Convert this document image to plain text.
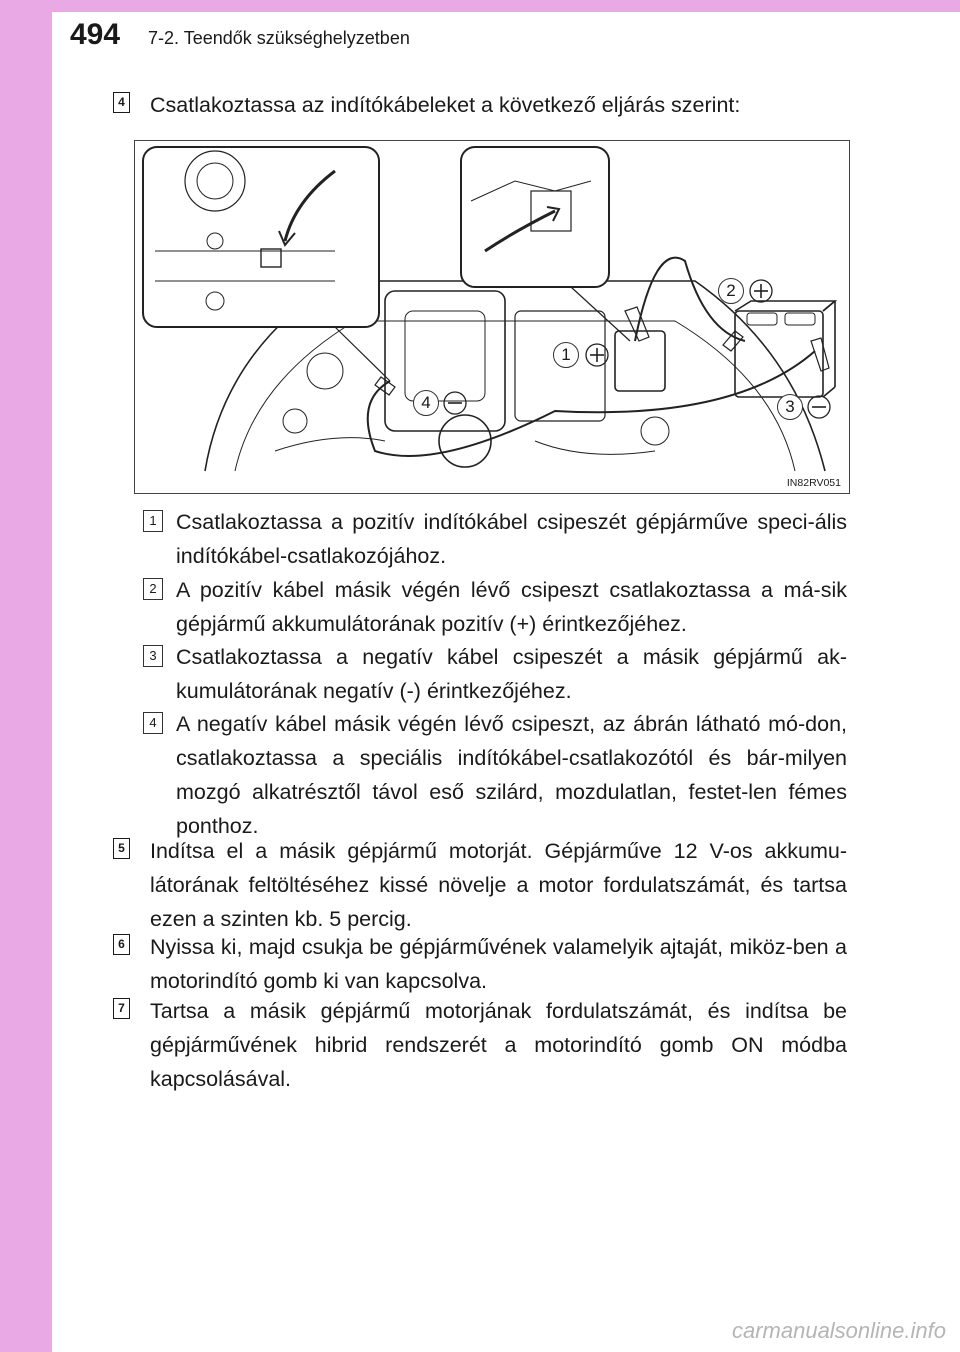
494 7-2. Teendők szükséghelyzetben
4 Csatlakoztassa az indítókábeleket a következő eljárás szerint:
1
2
3
4
IN82RV051
1 Csatlakoztassa a pozitív indítókábel csipeszét gépjárműve speci-ális indítókábel-csatlakozójához.
2 A pozitív kábel másik végén lévő csipeszt csatlakoztassa a má-sik gépjármű akkumulátorának pozitív (+) érintkezőjéhez.
3 Csatlakoztassa a negatív kábel csipeszét a másik gépjármű ak-kumulátorának negatív (-) érintkezőjéhez.
4 A negatív kábel másik végén lévő csipeszt, az ábrán látható mó-don, csatlakoztassa a speciális indítókábel-csatlakozótól és bár-milyen mozgó alkatrésztől távol eső szilárd, mozdulatlan, festet-len fémes ponthoz.
5 Indítsa el a másik gépjármű motorját. Gépjárműve 12 V-os akkumu-látorának feltöltéséhez kissé növelje a motor fordulatszámát, és tartsa ezen a szinten kb. 5 percig.
6 Nyissa ki, majd csukja be gépjárművének valamelyik ajtaját, miköz-ben a motorindító gomb ki van kapcsolva.
7 Tartsa a másik gépjármű motorjának fordulatszámát, és indítsa be gépjárművének hibrid rendszerét a motorindító gomb ON módba kapcsolásával.
carmanualsonline.info
